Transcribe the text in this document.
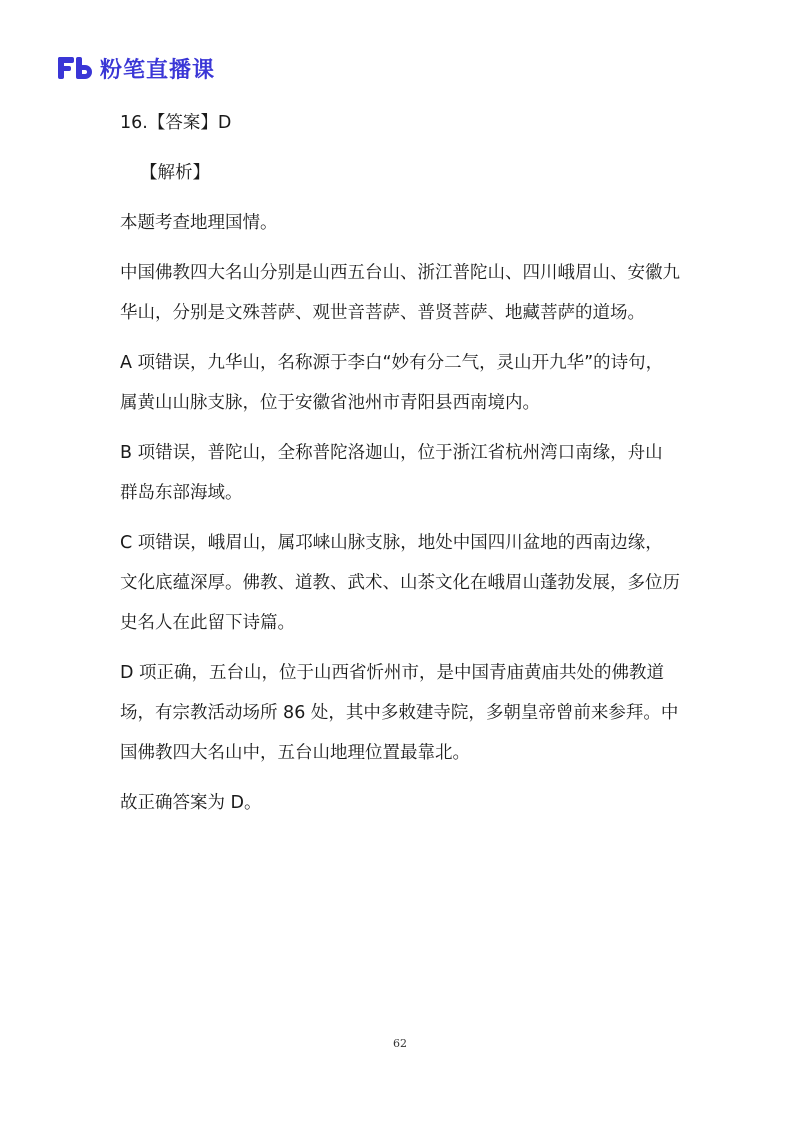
粉笔直播课

16.【答案】D

【解析】

本题考查地理国情。

中国佛教四大名山分别是山西五台山、浙江普陀山、四川峨眉山、安徽九华山，分别是文殊菩萨、观世音菩萨、普贤菩萨、地藏菩萨的道场。

A 项错误，九华山，名称源于李白“妙有分二气，灵山开九华”的诗句，属黄山山脉支脉，位于安徽省池州市青阳县西南境内。

B 项错误，普陀山，全称普陀洛迦山，位于浙江省杭州湾口南缘，舟山群岛东部海域。

C 项错误，峨眉山，属邛崃山脉支脉，地处中国四川盆地的西南边缘，文化底蕴深厚。佛教、道教、武术、山茶文化在峨眉山蓬勃发展，多位历史名人在此留下诗篇。

D 项正确，五台山，位于山西省忻州市，是中国青庙黄庙共处的佛教道场，有宗教活动场所 86 处，其中多敕建寺院，多朝皇帝曾前来参拜。中国佛教四大名山中，五台山地理位置最靠北。

故正确答案为 D。

62
